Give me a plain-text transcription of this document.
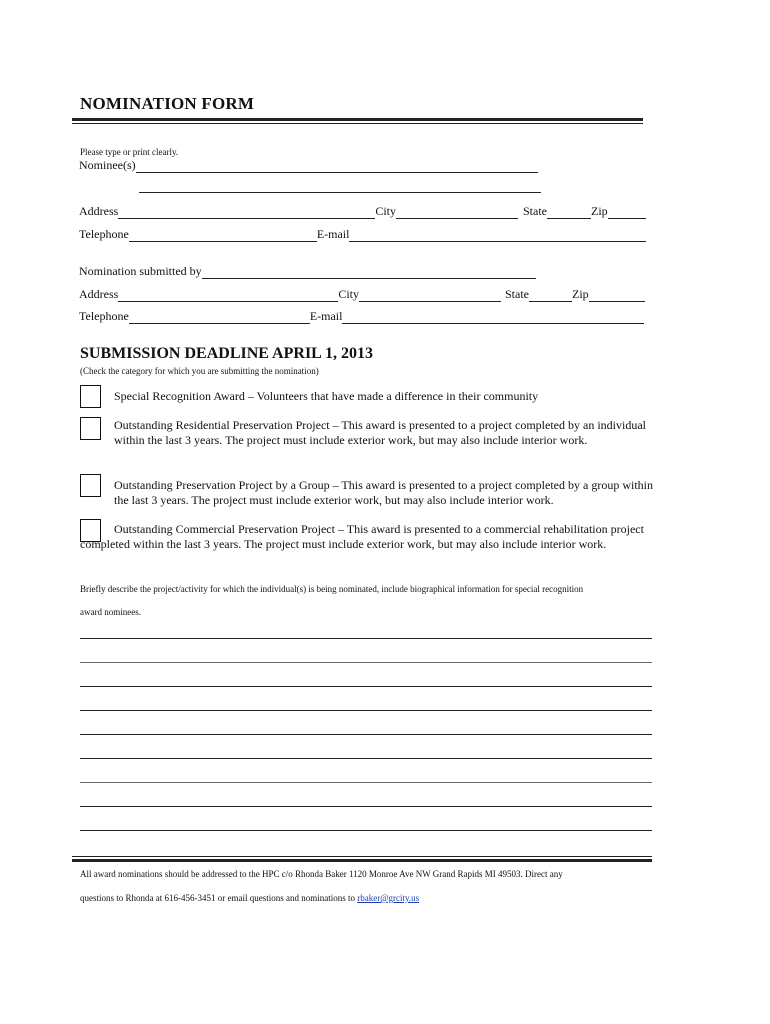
NOMINATION FORM
Please type or print clearly.
Nominee(s)
Address	City	State	Zip
Telephone	E-mail
Nomination submitted by
Address	City	State	Zip
Telephone	E-mail
SUBMISSION DEADLINE APRIL 1, 2013
(Check the category for which you are submitting the nomination)
Special Recognition Award – Volunteers that have made a difference in their community
Outstanding Residential Preservation Project – This award is presented to a project completed by an individual within the last 3 years. The project must include exterior work, but may also include interior work.
Outstanding Preservation Project by a Group – This award is presented to a project completed by a group within the last 3 years. The project must include exterior work, but may also include interior work.
Outstanding Commercial Preservation Project – This award is presented to a commercial rehabilitation project completed within the last 3 years. The project must include exterior work, but may also include interior work.
Briefly describe the project/activity for which the individual(s) is being nominated, include biographical information for special recognition
award nominees.
All award nominations should be addressed to the HPC c/o Rhonda Baker 1120 Monroe Ave NW Grand Rapids MI 49503. Direct any
questions to Rhonda at 616-456-3451 or email questions and nominations to rbaker@grcity.us
